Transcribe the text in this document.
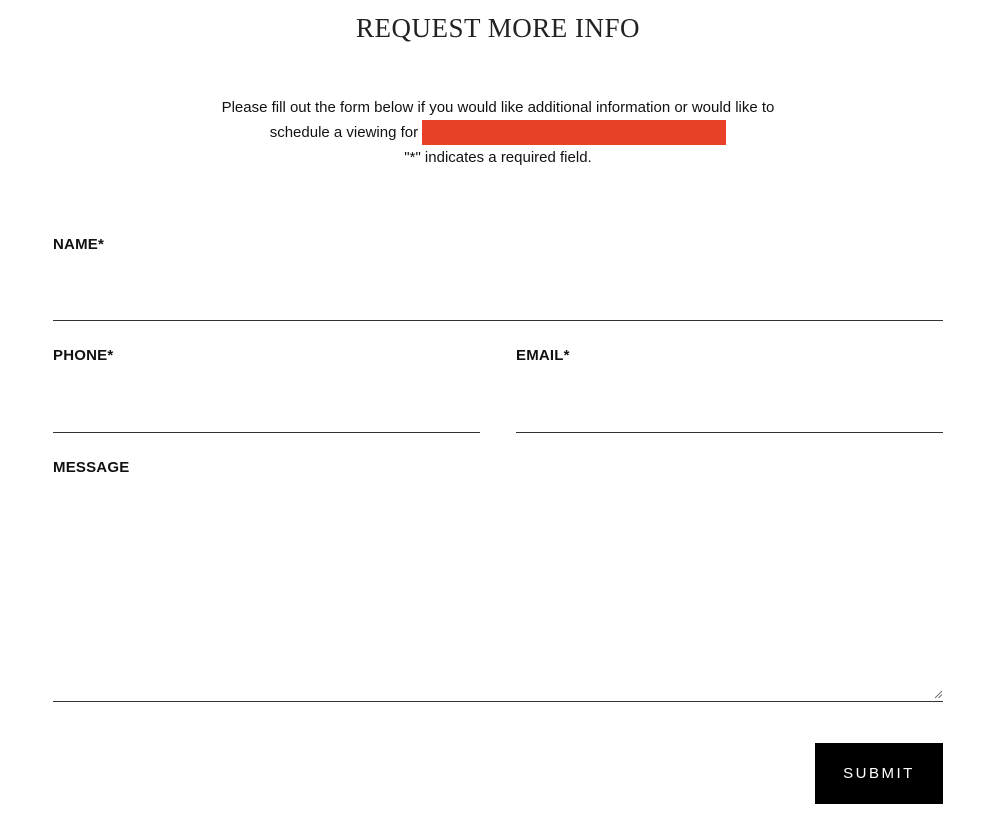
REQUEST MORE INFO
Please fill out the form below if you would like additional information or would like to
schedule a viewing for
"*" indicates a required field.
NAME*
PHONE*	EMAIL*
MESSAGE
SUBMIT
